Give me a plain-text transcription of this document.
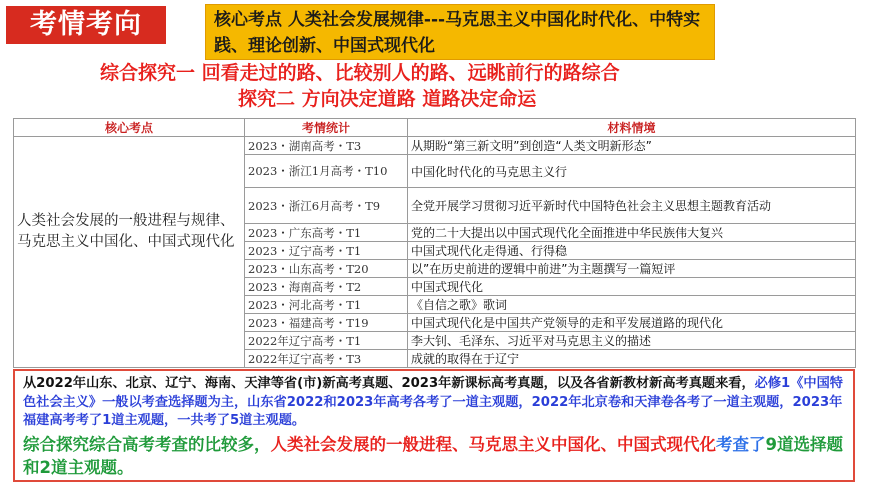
考情考向	核心考点 人类社会发展规律---马克思主义中国化时代化、中特实践、理论创新、中国式现代化
综合探究一 回看走过的路、比较别人的路、远眺前行的路综合
探究二 方向决定道路 道路决定命运
核心考点	考情统计	材料情境
人类社会发展的一般进程与规律、马克思主义中国化、中国式现代化	2023・湖南高考・T3	从期盼“第三新文明”到创造“人类文明新形态”
	2023・浙江1月高考・T10	中国化时代化的马克思主义行
	2023・浙江6月高考・T9	全党开展学习贯彻习近平新时代中国特色社会主义思想主题教育活动
	2023・广东高考・T1	党的二十大提出以中国式现代化全面推进中华民族伟大复兴
	2023・辽宁高考・T1	中国式现代化走得通、行得稳
	2023・山东高考・T20	以”在历史前进的逻辑中前进”为主题撰写一篇短评
	2023・海南高考・T2	中国式现代化
	2023・河北高考・T1	《自信之歌》歌词
	2023・福建高考・T19	中国式现代化是中国共产党领导的走和平发展道路的现代化
	2022年辽宁高考・T1	李大钊、毛泽东、习近平对马克思主义的描述
	2022年辽宁高考・T3	成就的取得在于辽宁
从2022年山东、北京、辽宁、海南、天津等省(市)新高考真题、2023年新课标高考真题，以及各省新教材新高考真题来看，必修1《中国特色社会主义》一般以考查选择题为主，山东省2022和2023年高考各考了一道主观题，2022年北京卷和天津卷各考了一道主观题，2023年福建高考考了1道主观题，一共考了5道主观题。
综合探究综合高考考查的比较多，人类社会发展的一般进程、马克思主义中国化、中国式现代化考查了9道选择题和2道主观题。
